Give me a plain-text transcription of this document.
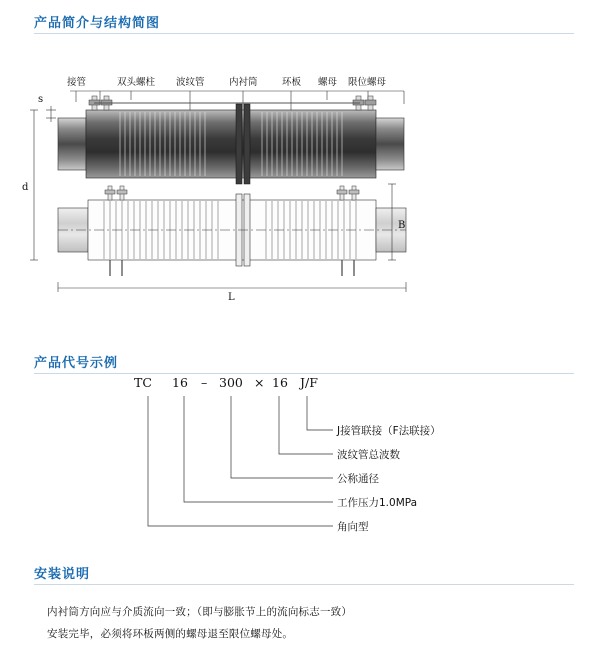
产品简介与结构简图
接管	双头螺柱 波纹管	内衬筒	环板 螺母 限位螺母
s
d
B
L
产品代号示例
TC 16 – 300 × 16 J/F
J接管联接（F法联接）
波纹管总波数
公称通径
工作压力1.0MPa
角向型
安装说明
内衬筒方向应与介质流向一致；（即与膨胀节上的流向标志一致）
安装完毕，必须将环板两侧的螺母退至限位螺母处。
